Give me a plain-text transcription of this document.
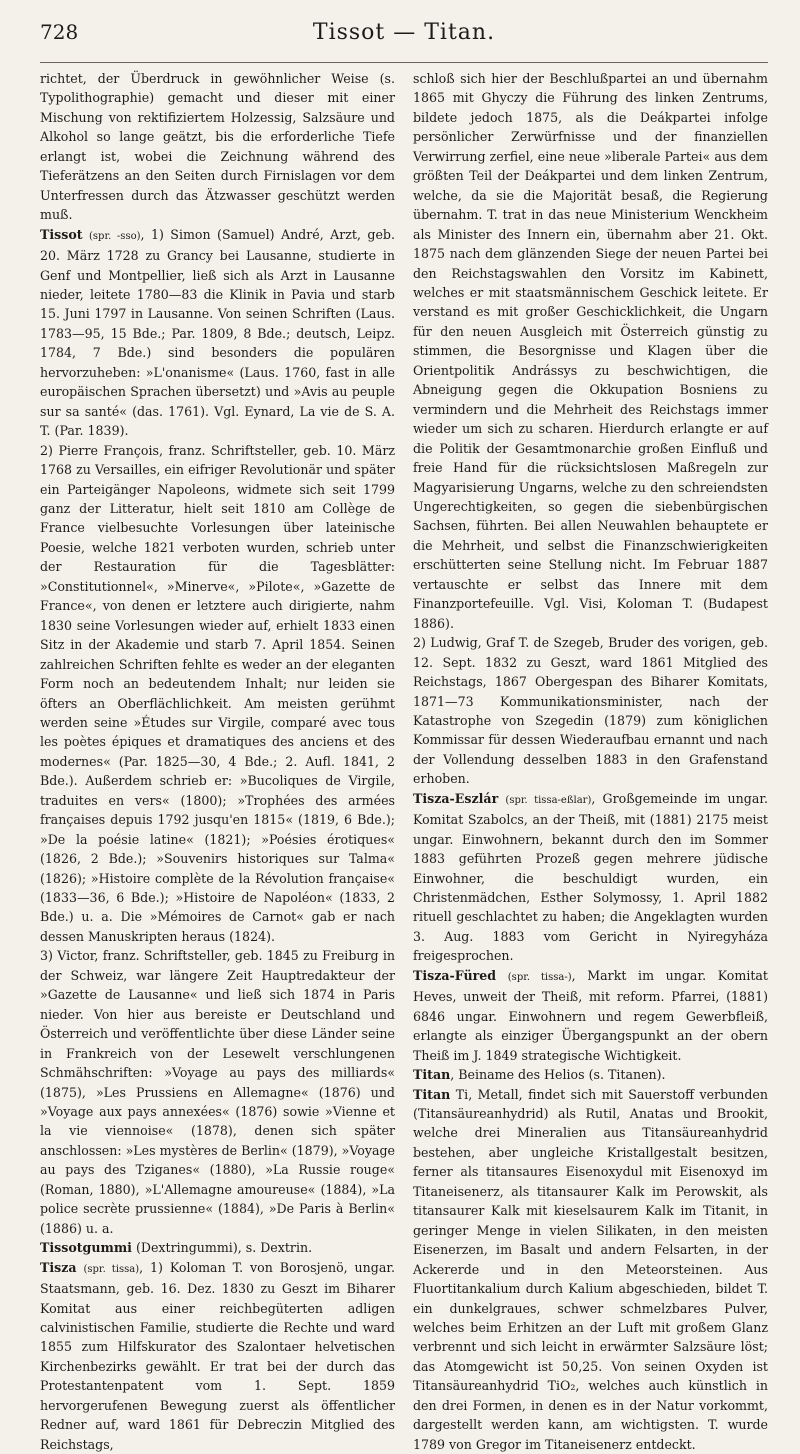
728	Tissot — Titan.

richtet, der Überdruck in gewöhnlicher Weise (s. Typolithographie) gemacht und dieser mit einer Mischung von rektifiziertem Holzessig, Salzsäure und Alkohol so lange geätzt, bis die erforderliche Tiefe erlangt ist, wobei die Zeichnung während des Tieferätzens an den Seiten durch Firnislagen vor dem Unterfressen durch das Ätzwasser geschützt werden muß.

Tissot (spr. -sso), 1) Simon (Samuel) André, Arzt, geb. 20. März 1728 zu Grancy bei Lausanne, studierte in Genf und Montpellier, ließ sich als Arzt in Lausanne nieder, leitete 1780—83 die Klinik in Pavia und starb 15. Juni 1797 in Lausanne. Von seinen Schriften (Laus. 1783—95, 15 Bde.; Par. 1809, 8 Bde.; deutsch, Leipz. 1784, 7 Bde.) sind besonders die populären hervorzuheben: »L'onanisme« (Laus. 1760, fast in alle europäischen Sprachen übersetzt) und »Avis au peuple sur sa santé« (das. 1761). Vgl. Eynard, La vie de S. A. T. (Par. 1839).

2) Pierre François, franz. Schriftsteller, geb. 10. März 1768 zu Versailles, ein eifriger Revolutionär und später ein Parteigänger Napoleons, widmete sich seit 1799 ganz der Litteratur, hielt seit 1810 am Collège de France vielbesuchte Vorlesungen über lateinische Poesie, welche 1821 verboten wurden, schrieb unter der Restauration für die Tagesblätter: »Constitutionnel«, »Minerve«, »Pilote«, »Gazette de France«, von denen er letztere auch dirigierte, nahm 1830 seine Vorlesungen wieder auf, erhielt 1833 einen Sitz in der Akademie und starb 7. April 1854. Seinen zahlreichen Schriften fehlte es weder an der eleganten Form noch an bedeutendem Inhalt; nur leiden sie öfters an Oberflächlichkeit. Am meisten gerühmt werden seine »Études sur Virgile, comparé avec tous les poètes épiques et dramatiques des anciens et des modernes« (Par. 1825—30, 4 Bde.; 2. Aufl. 1841, 2 Bde.). Außerdem schrieb er: »Bucoliques de Virgile, traduites en vers« (1800); »Trophées des armées françaises depuis 1792 jusqu'en 1815« (1819, 6 Bde.); »De la poésie latine« (1821); »Poésies érotiques« (1826, 2 Bde.); »Souvenirs historiques sur Talma« (1826); »Histoire complète de la Révolution française« (1833—36, 6 Bde.); »Histoire de Napoléon« (1833, 2 Bde.) u. a. Die »Mémoires de Carnot« gab er nach dessen Manuskripten heraus (1824).

3) Victor, franz. Schriftsteller, geb. 1845 zu Freiburg in der Schweiz, war längere Zeit Hauptredakteur der »Gazette de Lausanne« und ließ sich 1874 in Paris nieder. Von hier aus bereiste er Deutschland und Österreich und veröffentlichte über diese Länder seine in Frankreich von der Lesewelt verschlungenen Schmähschriften: »Voyage au pays des milliards« (1875), »Les Prussiens en Allemagne« (1876) und »Voyage aux pays annexées« (1876) sowie »Vienne et la vie viennoise« (1878), denen sich später anschlossen: »Les mystères de Berlin« (1879), »Voyage au pays des Tziganes« (1880), »La Russie rouge« (Roman, 1880), »L'Allemagne amoureuse« (1884), »La police secrète prussienne« (1884), »De Paris à Berlin« (1886) u. a.

Tissotgummi (Dextringummi), s. Dextrin.

Tisza (spr. tissa), 1) Koloman T. von Borosjenö, ungar. Staatsmann, geb. 16. Dez. 1830 zu Geszt im Biharer Komitat aus einer reichbegüterten adligen calvinistischen Familie, studierte die Rechte und ward 1855 zum Hilfskurator des Szalontaer helvetischen Kirchenbezirks gewählt. Er trat bei der durch das Protestantenpatent vom 1. Sept. 1859 hervorgerufenen Bewegung zuerst als öffentlicher Redner auf, ward 1861 für Debreczin Mitglied des Reichstags,

schloß sich hier der Beschlußpartei an und übernahm 1865 mit Ghyczy die Führung des linken Zentrums, bildete jedoch 1875, als die Deákpartei infolge persönlicher Zerwürfnisse und der finanziellen Verwirrung zerfiel, eine neue »liberale Partei« aus dem größten Teil der Deákpartei und dem linken Zentrum, welche, da sie die Majorität besaß, die Regierung übernahm. T. trat in das neue Ministerium Wenckheim als Minister des Innern ein, übernahm aber 21. Okt. 1875 nach dem glänzenden Siege der neuen Partei bei den Reichstagswahlen den Vorsitz im Kabinett, welches er mit staatsmännischem Geschick leitete. Er verstand es mit großer Geschicklichkeit, die Ungarn für den neuen Ausgleich mit Österreich günstig zu stimmen, die Besorgnisse und Klagen über die Orientpolitik Andrássys zu beschwichtigen, die Abneigung gegen die Okkupation Bosniens zu vermindern und die Mehrheit des Reichstags immer wieder um sich zu scharen. Hierdurch erlangte er auf die Politik der Gesamtmonarchie großen Einfluß und freie Hand für die rücksichtslosen Maßregeln zur Magyarisierung Ungarns, welche zu den schreiendsten Ungerechtigkeiten, so gegen die siebenbürgischen Sachsen, führten. Bei allen Neuwahlen behauptete er die Mehrheit, und selbst die Finanzschwierigkeiten erschütterten seine Stellung nicht. Im Februar 1887 vertauschte er selbst das Innere mit dem Finanzportefeuille. Vgl. Visi, Koloman T. (Budapest 1886).

2) Ludwig, Graf T. de Szegeb, Bruder des vorigen, geb. 12. Sept. 1832 zu Geszt, ward 1861 Mitglied des Reichstags, 1867 Obergespan des Biharer Komitats, 1871—73 Kommunikationsminister, nach der Katastrophe von Szegedin (1879) zum königlichen Kommissar für dessen Wiederaufbau ernannt und nach der Vollendung desselben 1883 in den Grafenstand erhoben.

Tisza-Eszlár (spr. tissa-eßlar), Großgemeinde im ungar. Komitat Szabolcs, an der Theiß, mit (1881) 2175 meist ungar. Einwohnern, bekannt durch den im Sommer 1883 geführten Prozeß gegen mehrere jüdische Einwohner, die beschuldigt wurden, ein Christenmädchen, Esther Solymossy, 1. April 1882 rituell geschlachtet zu haben; die Angeklagten wurden 3. Aug. 1883 vom Gericht in Nyiregyháza freigesprochen.

Tisza-Füred (spr. tissa-), Markt im ungar. Komitat Heves, unweit der Theiß, mit reform. Pfarrei, (1881) 6846 ungar. Einwohnern und regem Gewerbfleiß, erlangte als einziger Übergangspunkt an der obern Theiß im J. 1849 strategische Wichtigkeit.

Titan, Beiname des Helios (s. Titanen).

Titan Ti, Metall, findet sich mit Sauerstoff verbunden (Titansäureanhydrid) als Rutil, Anatas und Brookit, welche drei Mineralien aus Titansäureanhydrid bestehen, aber ungleiche Kristallgestalt besitzen, ferner als titansaures Eisenoxydul mit Eisenoxyd im Titaneisenerz, als titansaurer Kalk im Perowskit, als titansaurer Kalk mit kieselsaurem Kalk im Titanit, in geringer Menge in vielen Silikaten, in den meisten Eisenerzen, im Basalt und andern Felsarten, in der Ackererde und in den Meteorsteinen. Aus Fluortitankalium durch Kalium abgeschieden, bildet T. ein dunkelgraues, schwer schmelzbares Pulver, welches beim Erhitzen an der Luft mit großem Glanz verbrennt und sich leicht in erwärmter Salzsäure löst; das Atomgewicht ist 50,25. Von seinen Oxyden ist Titansäureanhydrid TiO₂, welches auch künstlich in den drei Formen, in denen es in der Natur vorkommt, dargestellt werden kann, am wichtigsten. T. wurde 1789 von Gregor im Titaneisenerz entdeckt.
